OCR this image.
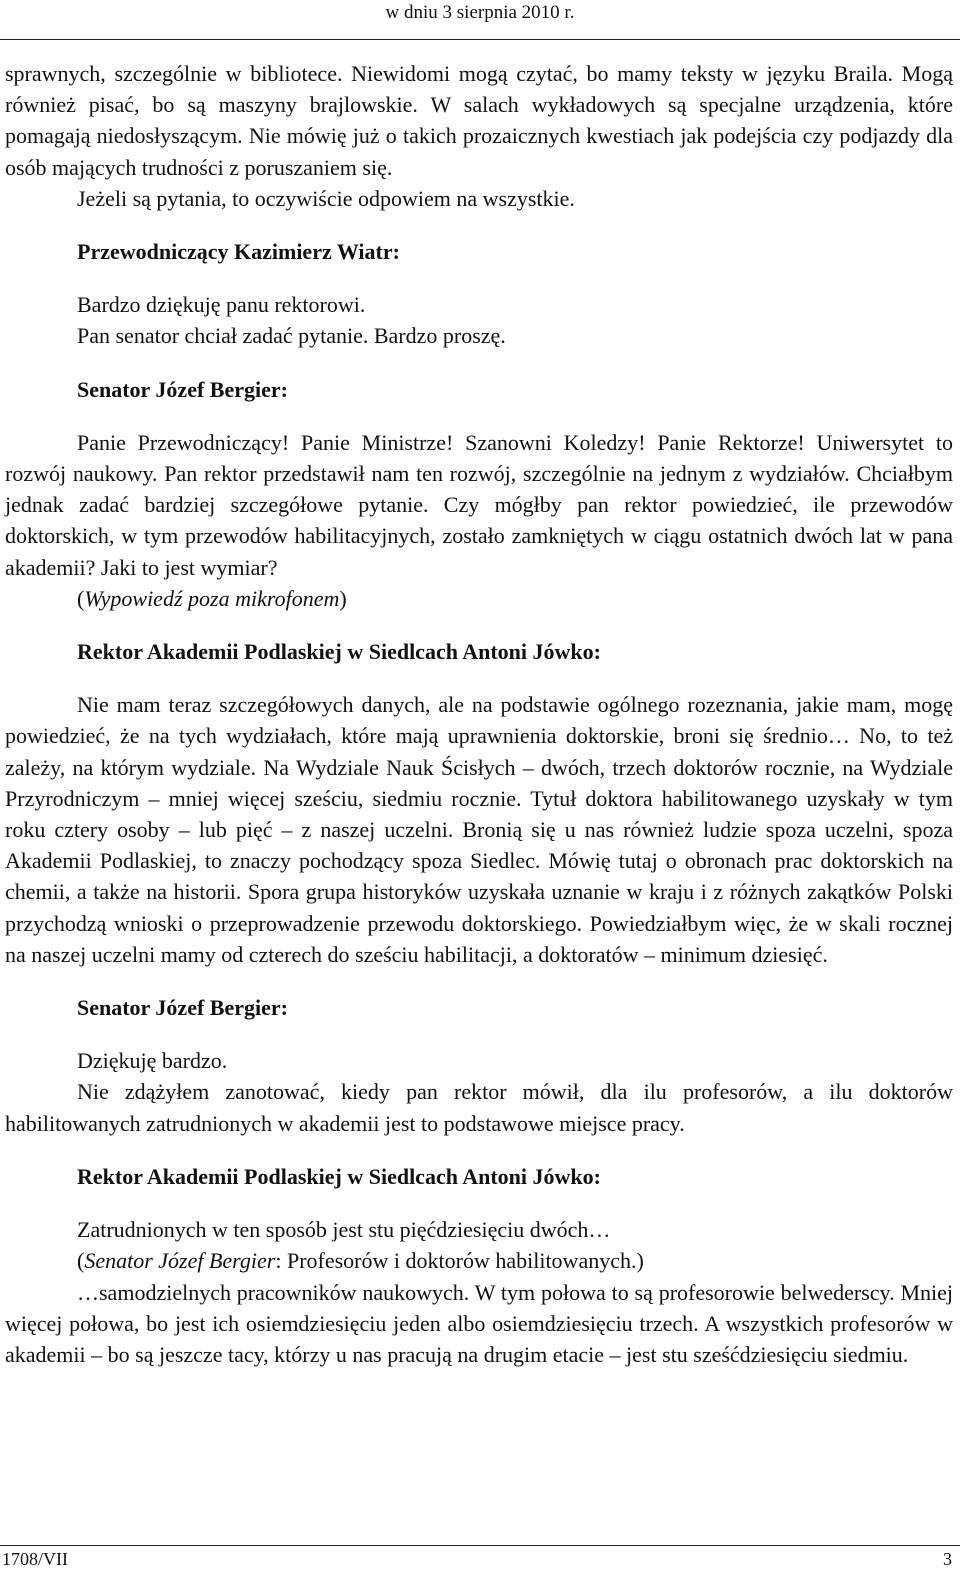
w dniu 3 sierpnia 2010 r.

sprawnych, szczególnie w bibliotece. Niewidomi mogą czytać, bo mamy teksty w języku Braila. Mogą również pisać, bo są maszyny brajlowskie. W salach wykładowych są specjalne urządzenia, które pomagają niedosłyszącym. Nie mówię już o takich prozaicznych kwestiach jak podejścia czy podjazdy dla osób mających trudności z poruszaniem się.

Jeżeli są pytania, to oczywiście odpowiem na wszystkie.

Przewodniczący Kazimierz Wiatr:

Bardzo dziękuję panu rektorowi.

Pan senator chciał zadać pytanie. Bardzo proszę.

Senator Józef Bergier:

Panie Przewodniczący! Panie Ministrze! Szanowni Koledzy! Panie Rektorze! Uniwersytet to rozwój naukowy. Pan rektor przedstawił nam ten rozwój, szczególnie na jednym z wydziałów. Chciałbym jednak zadać bardziej szczegółowe pytanie. Czy mógłby pan rektor powiedzieć, ile przewodów doktorskich, w tym przewodów habilitacyjnych, zostało zamkniętych w ciągu ostatnich dwóch lat w pana akademii? Jaki to jest wymiar?

(Wypowiedź poza mikrofonem)

Rektor Akademii Podlaskiej w Siedlcach Antoni Jówko:

Nie mam teraz szczegółowych danych, ale na podstawie ogólnego rozeznania, jakie mam, mogę powiedzieć, że na tych wydziałach, które mają uprawnienia doktorskie, broni się średnio… No, to też zależy, na którym wydziale. Na Wydziale Nauk Ścisłych – dwóch, trzech doktorów rocznie, na Wydziale Przyrodniczym – mniej więcej sześciu, siedmiu rocznie. Tytuł doktora habilitowanego uzyskały w tym roku cztery osoby – lub pięć – z naszej uczelni. Bronią się u nas również ludzie spoza uczelni, spoza Akademii Podlaskiej, to znaczy pochodzący spoza Siedlec. Mówię tutaj o obronach prac doktorskich na chemii, a także na historii. Spora grupa historyków uzyskała uznanie w kraju i z różnych zakątków Polski przychodzą wnioski o przeprowadzenie przewodu doktorskiego. Powiedziałbym więc, że w skali rocznej na naszej uczelni mamy od czterech do sześciu habilitacji, a doktoratów – minimum dziesięć.

Senator Józef Bergier:

Dziękuję bardzo.

Nie zdążyłem zanotować, kiedy pan rektor mówił, dla ilu profesorów, a ilu doktorów habilitowanych zatrudnionych w akademii jest to podstawowe miejsce pracy.

Rektor Akademii Podlaskiej w Siedlcach Antoni Jówko:

Zatrudnionych w ten sposób jest stu pięćdziesięciu dwóch…

(Senator Józef Bergier: Profesorów i doktorów habilitowanych.)

…samodzielnych pracowników naukowych. W tym połowa to są profesorowie belwederscy. Mniej więcej połowa, bo jest ich osiemdziesięciu jeden albo osiemdziesięciu trzech. A wszystkich profesorów w akademii – bo są jeszcze tacy, którzy u nas pracują na drugim etacie – jest stu sześćdziesięciu siedmiu.

1708/VII	3
